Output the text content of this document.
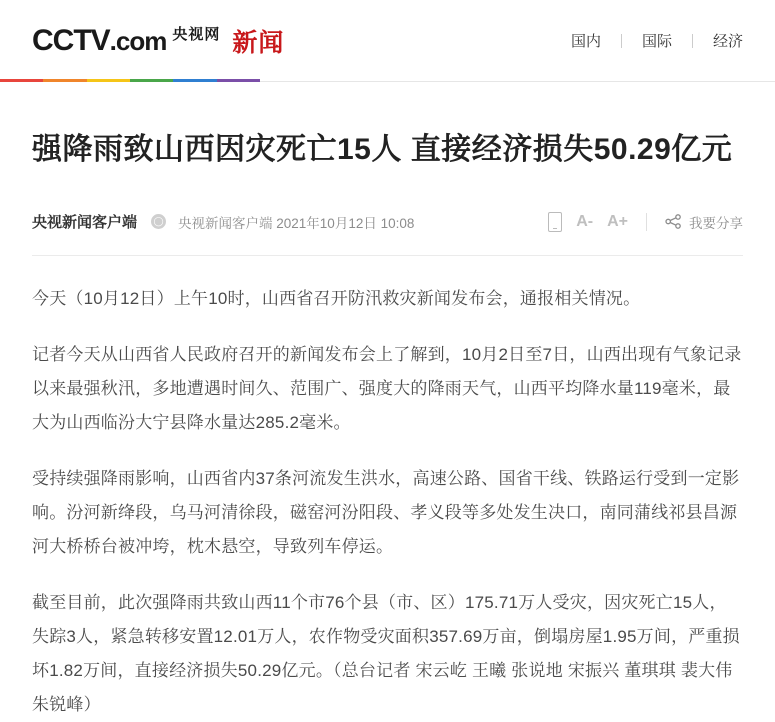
CCTV.com 央视网 新闻	国内	国际	经济
强降雨致山西因灾死亡15人 直接经济损失50.29亿元
央视新闻客户端 ◯ 央视新闻客户端 2021年10月12日 10:08	A- A+	我要分享

今天（10月12日）上午10时，山西省召开防汛救灾新闻发布会，通报相关情况。

记者今天从山西省人民政府召开的新闻发布会上了解到，10月2日至7日，山西出现有气象记录以来最强秋汛，多地遭遇时间久、范围广、强度大的降雨天气，山西平均降水量119毫米，最大为山西临汾大宁县降水量达285.2毫米。

受持续强降雨影响，山西省内37条河流发生洪水，高速公路、国省干线、铁路运行受到一定影响。汾河新绛段，乌马河清徐段，磁窑河汾阳段、孝义段等多处发生决口，南同蒲线祁县昌源河大桥桥台被冲垮，枕木悬空，导致列车停运。

截至目前，此次强降雨共致山西11个市76个县（市、区）175.71万人受灾，因灾死亡15人，失踪3人，紧急转移安置12.01万人，农作物受灾面积357.69万亩，倒塌房屋1.95万间，严重损坏1.82万间，直接经济损失50.29亿元。（总台记者 宋云屹 王曦 张说地 宋振兴 董琪琪 裴大伟 朱锐峰）
